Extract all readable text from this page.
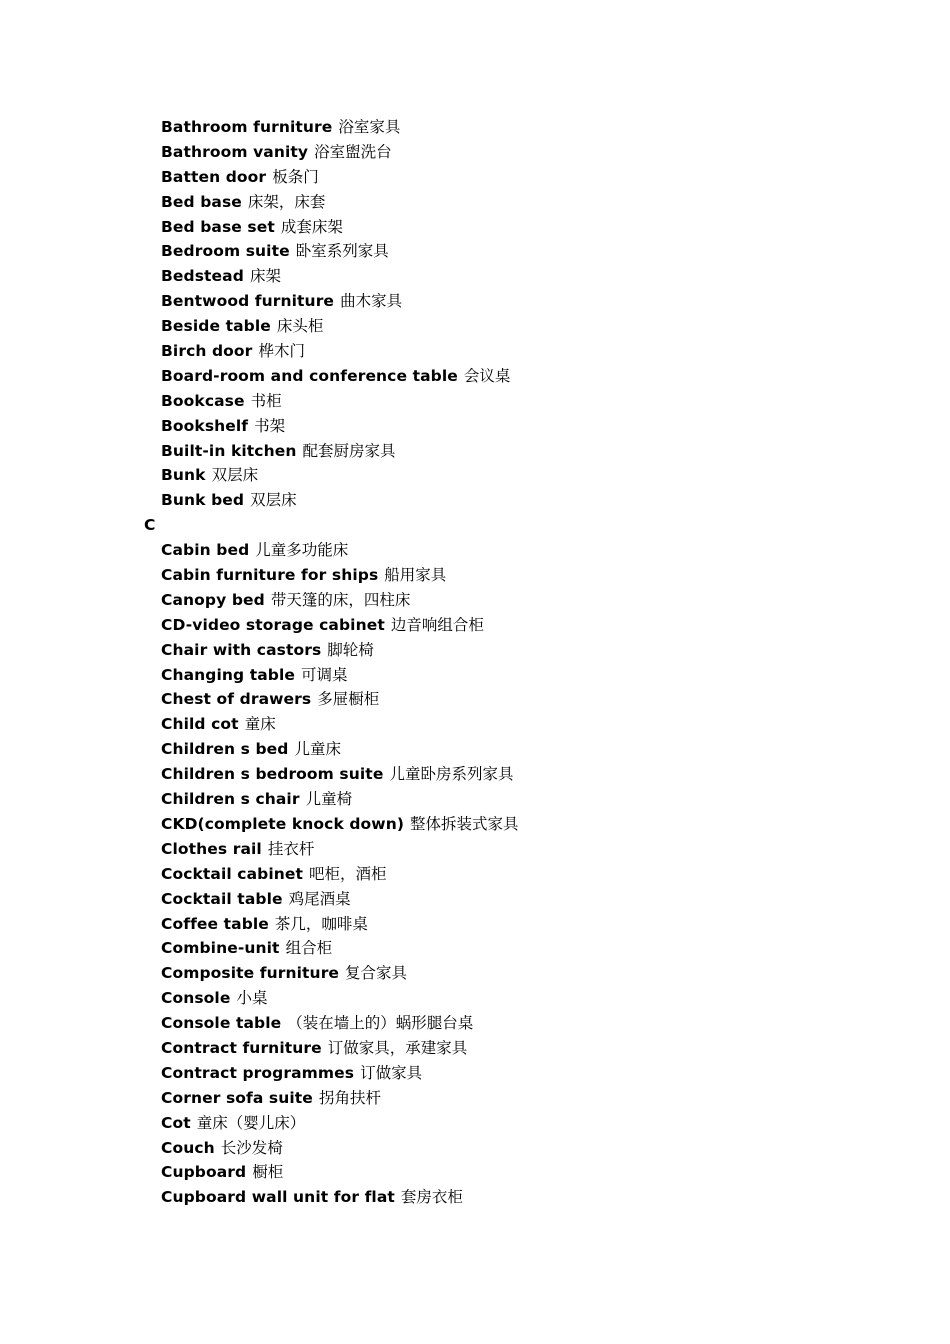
Bathroom furniture 浴室家具
Bathroom vanity 浴室盥洗台
Batten door 板条门
Bed base 床架，床套
Bed base set 成套床架
Bedroom suite 卧室系列家具
Bedstead 床架
Bentwood furniture 曲木家具
Beside table 床头柜
Birch door 桦木门
Board-room and conference table 会议桌
Bookcase 书柜
Bookshelf 书架
Built-in kitchen 配套厨房家具
Bunk 双层床
Bunk bed 双层床
C
Cabin bed 儿童多功能床
Cabin furniture for ships 船用家具
Canopy bed 带天篷的床，四柱床
CD-video storage cabinet 边音响组合柜
Chair with castors 脚轮椅
Changing table 可调桌
Chest of drawers 多屉橱柜
Child cot 童床
Children s bed 儿童床
Children s bedroom suite 儿童卧房系列家具
Children s chair 儿童椅
CKD(complete knock down) 整体拆装式家具
Clothes rail 挂衣杆
Cocktail cabinet 吧柜，酒柜
Cocktail table 鸡尾酒桌
Coffee table 茶几，咖啡桌
Combine-unit 组合柜
Composite furniture 复合家具
Console 小桌
Console table （装在墙上的）蜗形腿台桌
Contract furniture 订做家具，承建家具
Contract programmes 订做家具
Corner sofa suite 拐角扶杆
Cot 童床（婴儿床）
Couch 长沙发椅
Cupboard 橱柜
Cupboard wall unit for flat 套房衣柜
